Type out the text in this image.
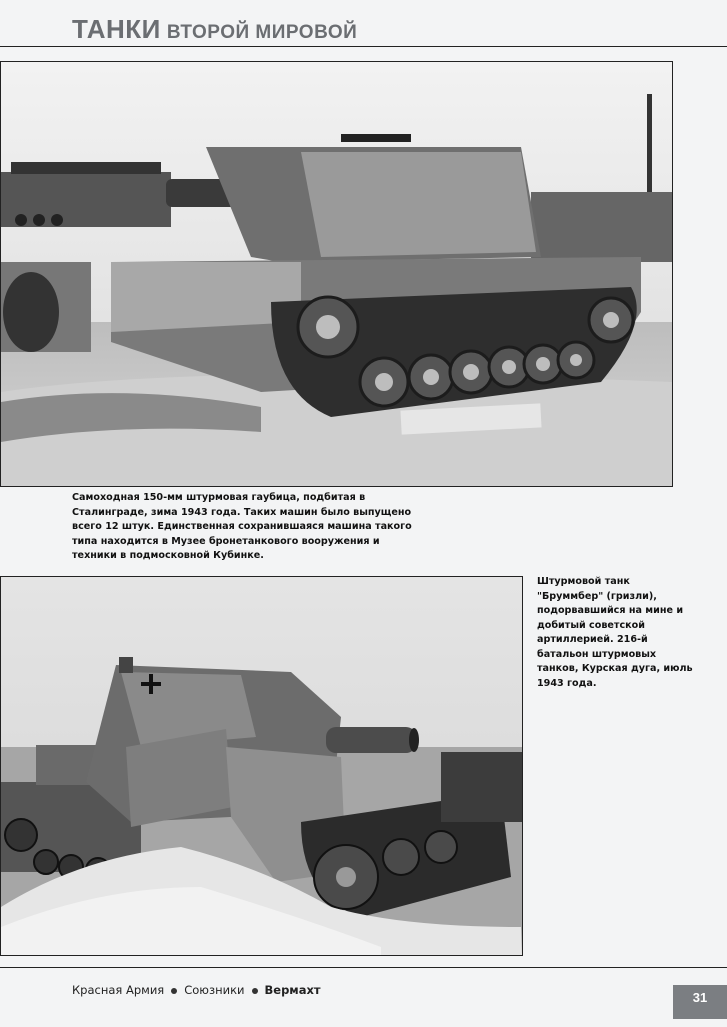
ТАНКИ ВТОРОЙ МИРОВОЙ
Самоходная 150-мм штурмовая гаубица, подбитая в
Сталинграде, зима 1943 года. Таких машин было выпущено
всего 12 штук. Единственная сохранившаяся машина такого
типа находится в Музее бронетанкового вооружения и
техники в подмосковной Кубинке.
Штурмовой танк
"Бруммбер" (гризли),
подорвавшийся на мине и
добитый советской
артиллерией. 216-й
батальон штурмовых
танков, Курская дуга, июль
1943 года.
Красная Армия Союзники Вермахт	31
